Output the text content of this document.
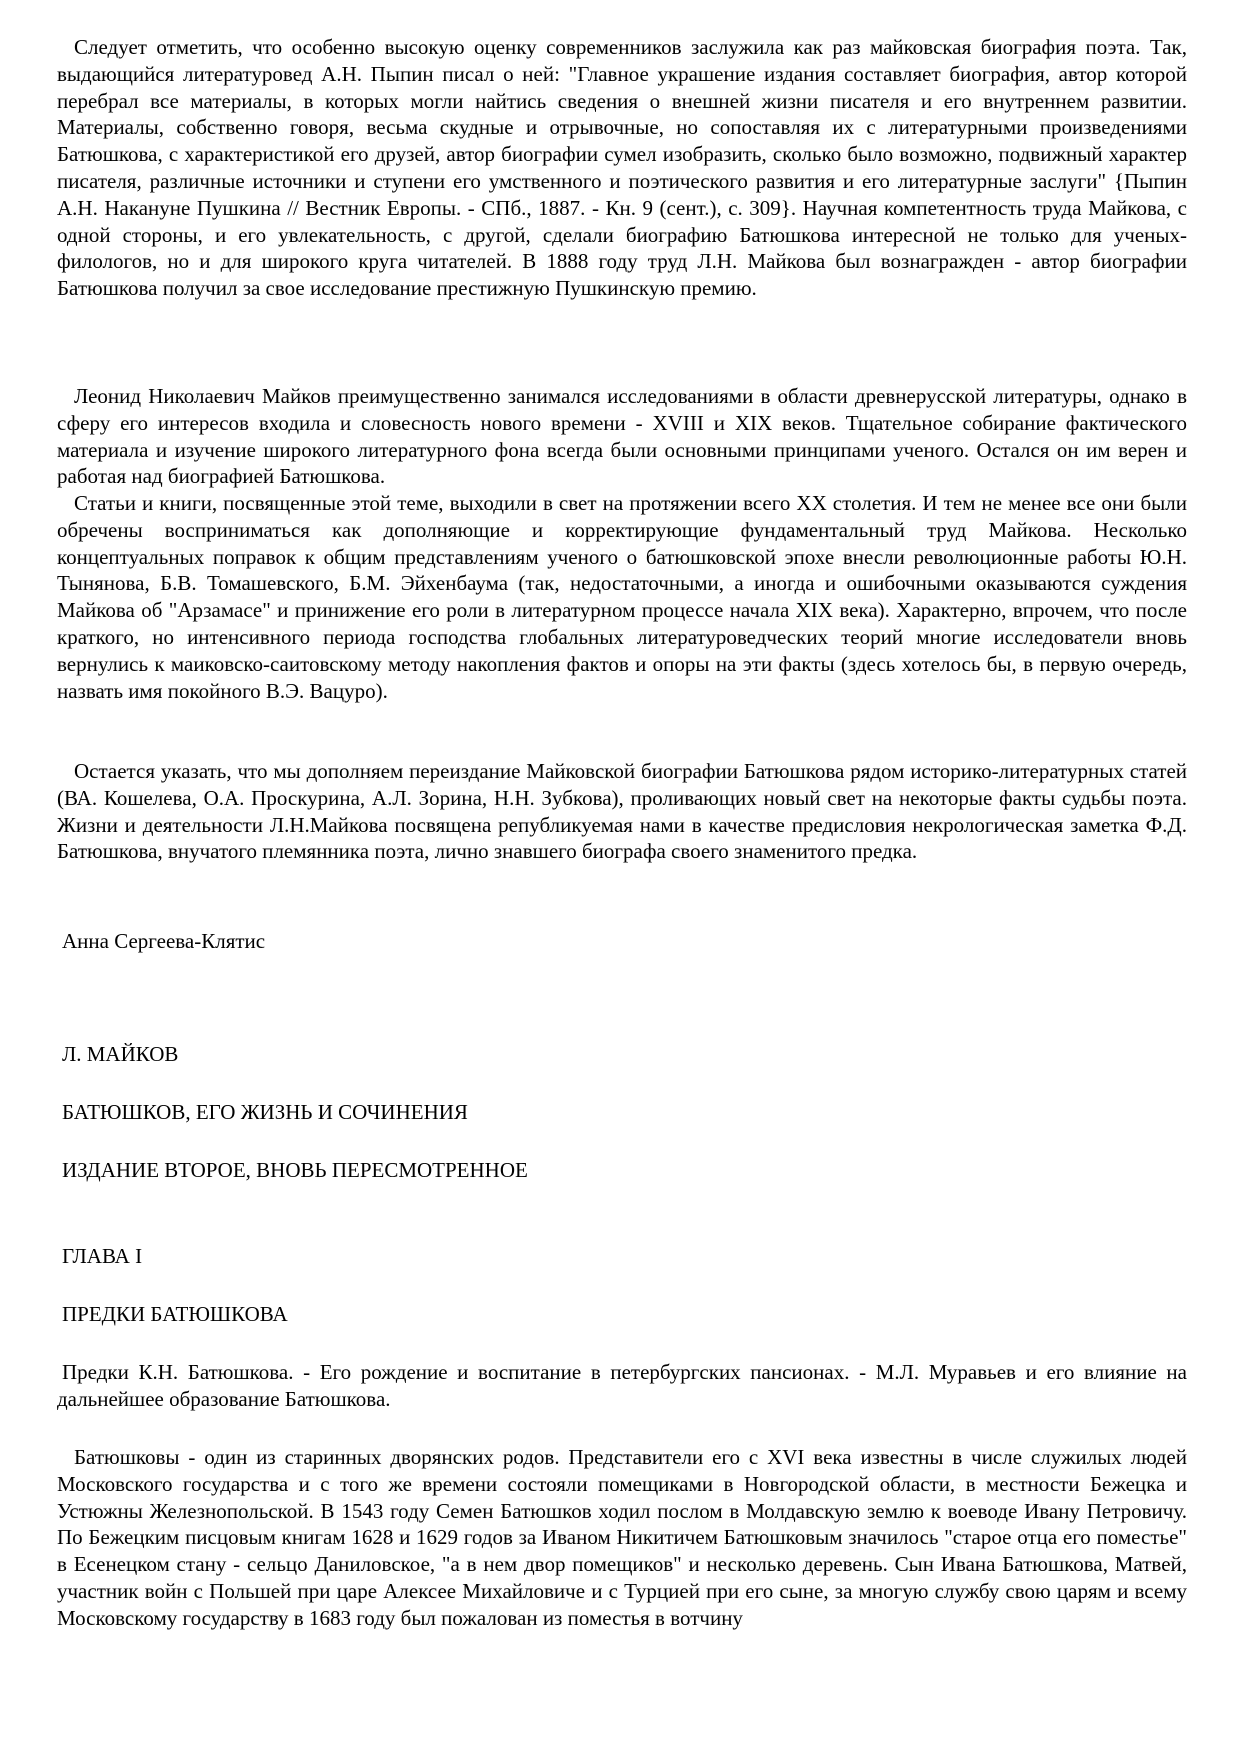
Следует отметить, что особенно высокую оценку современников заслужила как раз майковская биография поэта. Так, выдающийся литературовед А.Н. Пыпин писал о ней: "Главное украшение издания составляет биография, автор которой перебрал все материалы, в которых могли найтись сведения о внешней жизни писателя и его внутреннем развитии. Материалы, собственно говоря, весьма скудные и отрывочные, но сопоставляя их с литературными произведениями Батюшкова, с характеристикой его друзей, автор биографии сумел изобразить, сколько было возможно, подвижный характер писателя, различные источники и ступени его умственного и поэтического развития и его литературные заслуги" {Пыпин А.Н. Накануне Пушкина // Вестник Европы. - СПб., 1887. - Кн. 9 (сент.), с. 309}. Научная компетентность труда Майкова, с одной стороны, и его увлекательность, с другой, сделали биографию Батюшкова интересной не только для ученых-филологов, но и для широкого круга читателей. В 1888 году труд Л.Н. Майкова был вознагражден - автор биографии Батюшкова получил за свое исследование престижную Пушкинскую премию.

Леонид Николаевич Майков преимущественно занимался исследованиями в области древнерусской литературы, однако в сферу его интересов входила и словесность нового времени - XVIII и XIX веков. Тщательное собирание фактического материала и изучение широкого литературного фона всегда были основными принципами ученого. Остался он им верен и работая над биографией Батюшкова.

Статьи и книги, посвященные этой теме, выходили в свет на протяжении всего XX столетия. И тем не менее все они были обречены восприниматься как дополняющие и корректирующие фундаментальный труд Майкова. Несколько концептуальных поправок к общим представлениям ученого о батюшковской эпохе внесли революционные работы Ю.Н. Тынянова, Б.В. Томашевского, Б.М. Эйхенбаума (так, недостаточными, а иногда и ошибочными оказываются суждения Майкова об "Арзамасе" и принижение его роли в литературном процессе начала XIX века). Характерно, впрочем, что после краткого, но интенсивного периода господства глобальных литературоведческих теорий многие исследователи вновь вернулись к маиковско-саитовскому методу накопления фактов и опоры на эти факты (здесь хотелось бы, в первую очередь, назвать имя покойного В.Э. Вацуро).

Остается указать, что мы дополняем переиздание Майковской биографии Батюшкова рядом историко-литературных статей (ВА. Кошелева, О.А. Проскурина, А.Л. Зорина, Н.Н. Зубкова), проливающих новый свет на некоторые факты судьбы поэта. Жизни и деятельности Л.Н.Майкова посвящена републикуемая нами в качестве предисловия некрологическая заметка Ф.Д. Батюшкова, внучатого племянника поэта, лично знавшего биографа своего знаменитого предка.

Анна Сергеева-Клятис

Л. МАЙКОВ

БАТЮШКОВ, ЕГО ЖИЗНЬ И СОЧИНЕНИЯ

ИЗДАНИЕ ВТОРОЕ, ВНОВЬ ПЕРЕСМОТРЕННОЕ

ГЛАВА I

ПРЕДКИ БАТЮШКОВА

Предки К.Н. Батюшкова. - Его рождение и воспитание в петербургских пансионах. - М.Л. Муравьев и его влияние на дальнейшее образование Батюшкова.

Батюшковы - один из старинных дворянских родов. Представители его с XVI века известны в числе служилых людей Московского государства и с того же времени состояли помещиками в Новгородской области, в местности Бежецка и Устюжны Железнопольской. В 1543 году Семен Батюшков ходил послом в Молдавскую землю к воеводе Ивану Петровичу. По Бежецким писцовым книгам 1628 и 1629 годов за Иваном Никитичем Батюшковым значилось "старое отца его поместье" в Есенецком стану - сельцо Даниловское, "а в нем двор помещиков" и несколько деревень. Сын Ивана Батюшкова, Матвей, участник войн с Польшей при царе Алексее Михайловиче и с Турцией при его сыне, за многую службу свою царям и всему Московскому государству в 1683 году был пожалован из поместья в вотчину
